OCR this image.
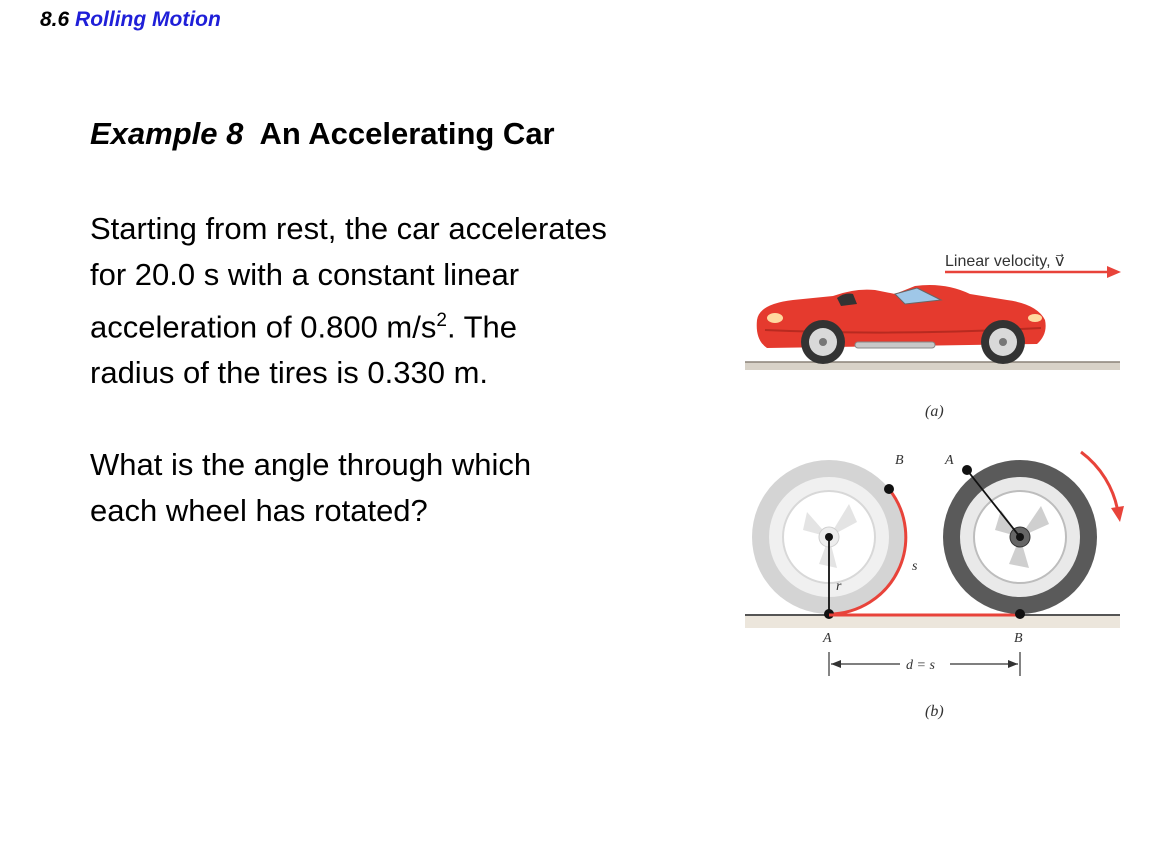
8.6 Rolling Motion
Example 8 An Accelerating Car

Starting from rest, the car accelerates

for 20.0 s with a constant linear

acceleration of 0.800 $m/s^2$. The

radius of the tires is 0.330 m.

What is the angle through which

each wheel has rotated?

Linear velocity, v⃗
(a)
B	A
s
r
A	B
d = s
(b)
